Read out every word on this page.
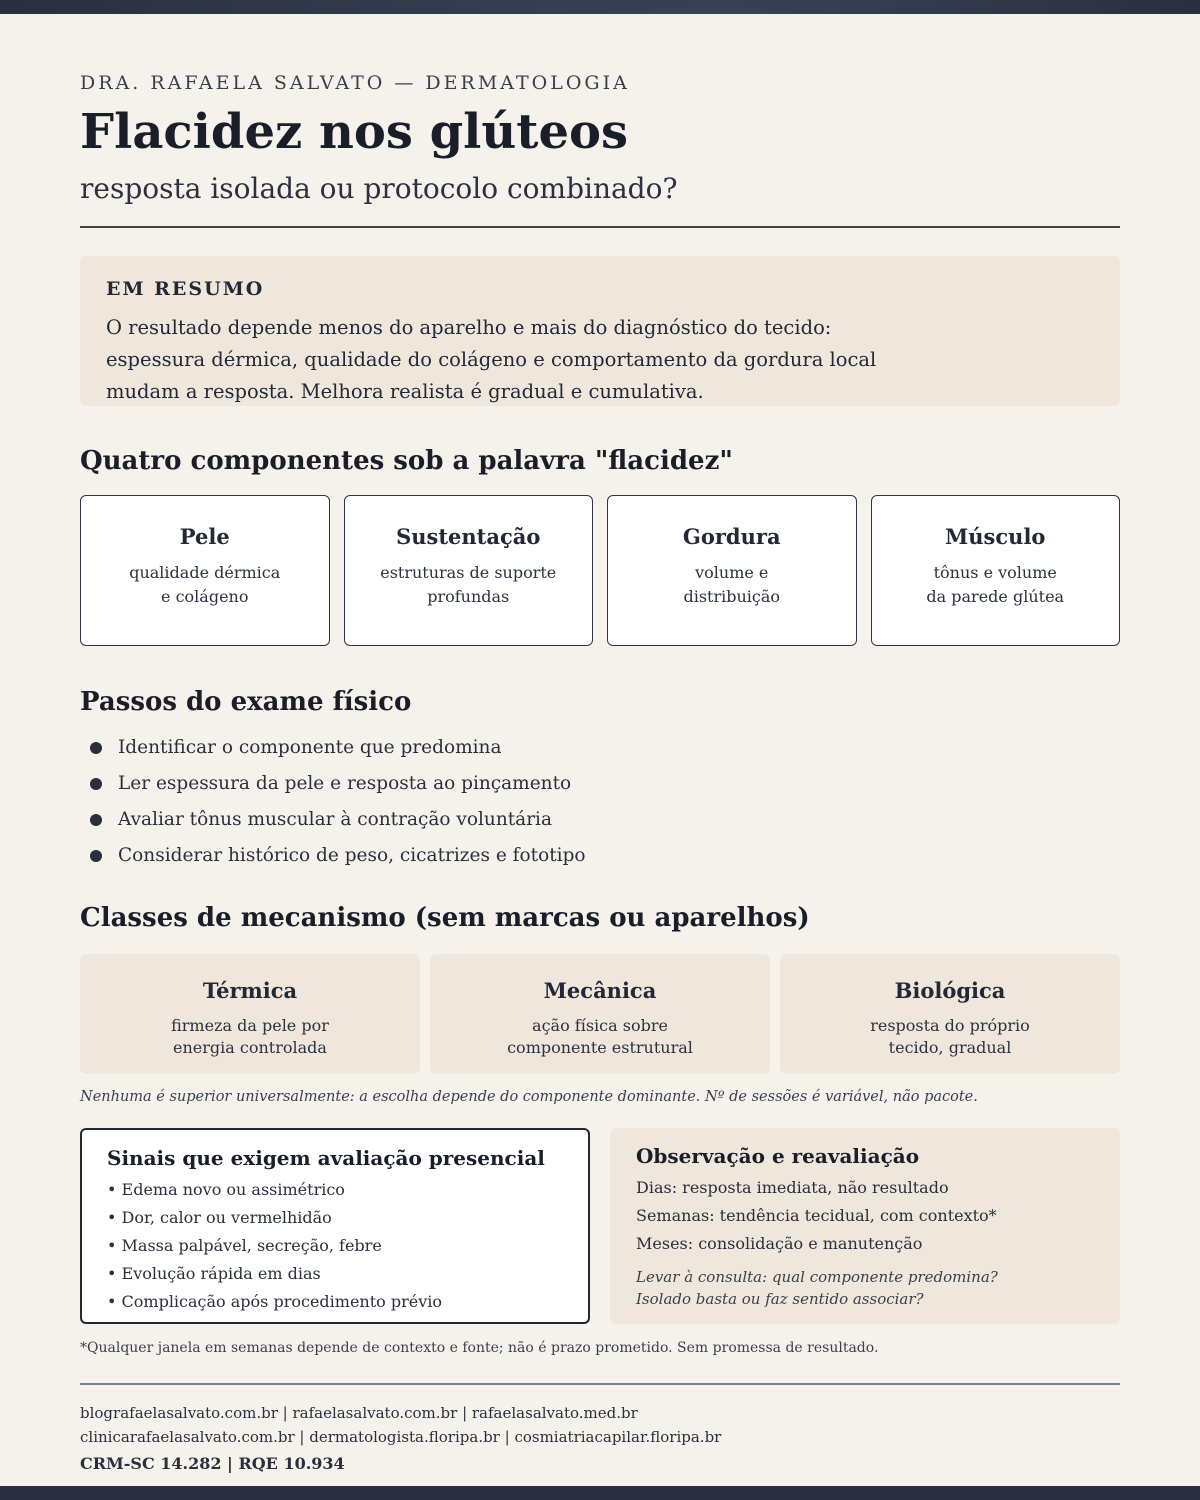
DRA. RAFAELA SALVATO — DERMATOLOGIA
Flacidez nos glúteos
resposta isolada ou protocolo combinado?
EM RESUMO

O resultado depende menos do aparelho e mais do diagnóstico do tecido: espessura dérmica, qualidade do colágeno e comportamento da gordura local mudam a resposta. Melhora realista é gradual e cumulativa.

Quatro componentes sob a palavra "flacidez"
Pele
qualidade dérmica
e colágeno
Sustentação
estruturas de suporte
profundas
Gordura
volume e
distribuição
Músculo
tônus e volume
da parede glútea
Passos do exame físico
Identificar o componente que predomina
Ler espessura da pele e resposta ao pinçamento
Avaliar tônus muscular à contração voluntária
Considerar histórico de peso, cicatrizes e fototipo
Classes de mecanismo (sem marcas ou aparelhos)
Térmica
firmeza da pele por
energia controlada
Mecânica
ação física sobre
componente estrutural
Biológica
resposta do próprio
tecido, gradual
Nenhuma é superior universalmente: a escolha depende do componente dominante. Nº de sessões é variável, não pacote.
Sinais que exigem avaliação presencial
• Edema novo ou assimétrico
• Dor, calor ou vermelhidão
• Massa palpável, secreção, febre
• Evolução rápida em dias
• Complicação após procedimento prévio
Observação e reavaliação
Dias: resposta imediata, não resultado
Semanas: tendência tecidual, com contexto*
Meses: consolidação e manutenção
Levar à consulta: qual componente predomina?
Isolado basta ou faz sentido associar?
*Qualquer janela em semanas depende de contexto e fonte; não é prazo prometido. Sem promessa de resultado.
blografaelasalvato.com.br | rafaelasalvato.com.br | rafaelasalvato.med.br
clinicarafaelasalvato.com.br | dermatologista.floripa.br | cosmiatriacapilar.floripa.br
CRM-SC 14.282 | RQE 10.934
